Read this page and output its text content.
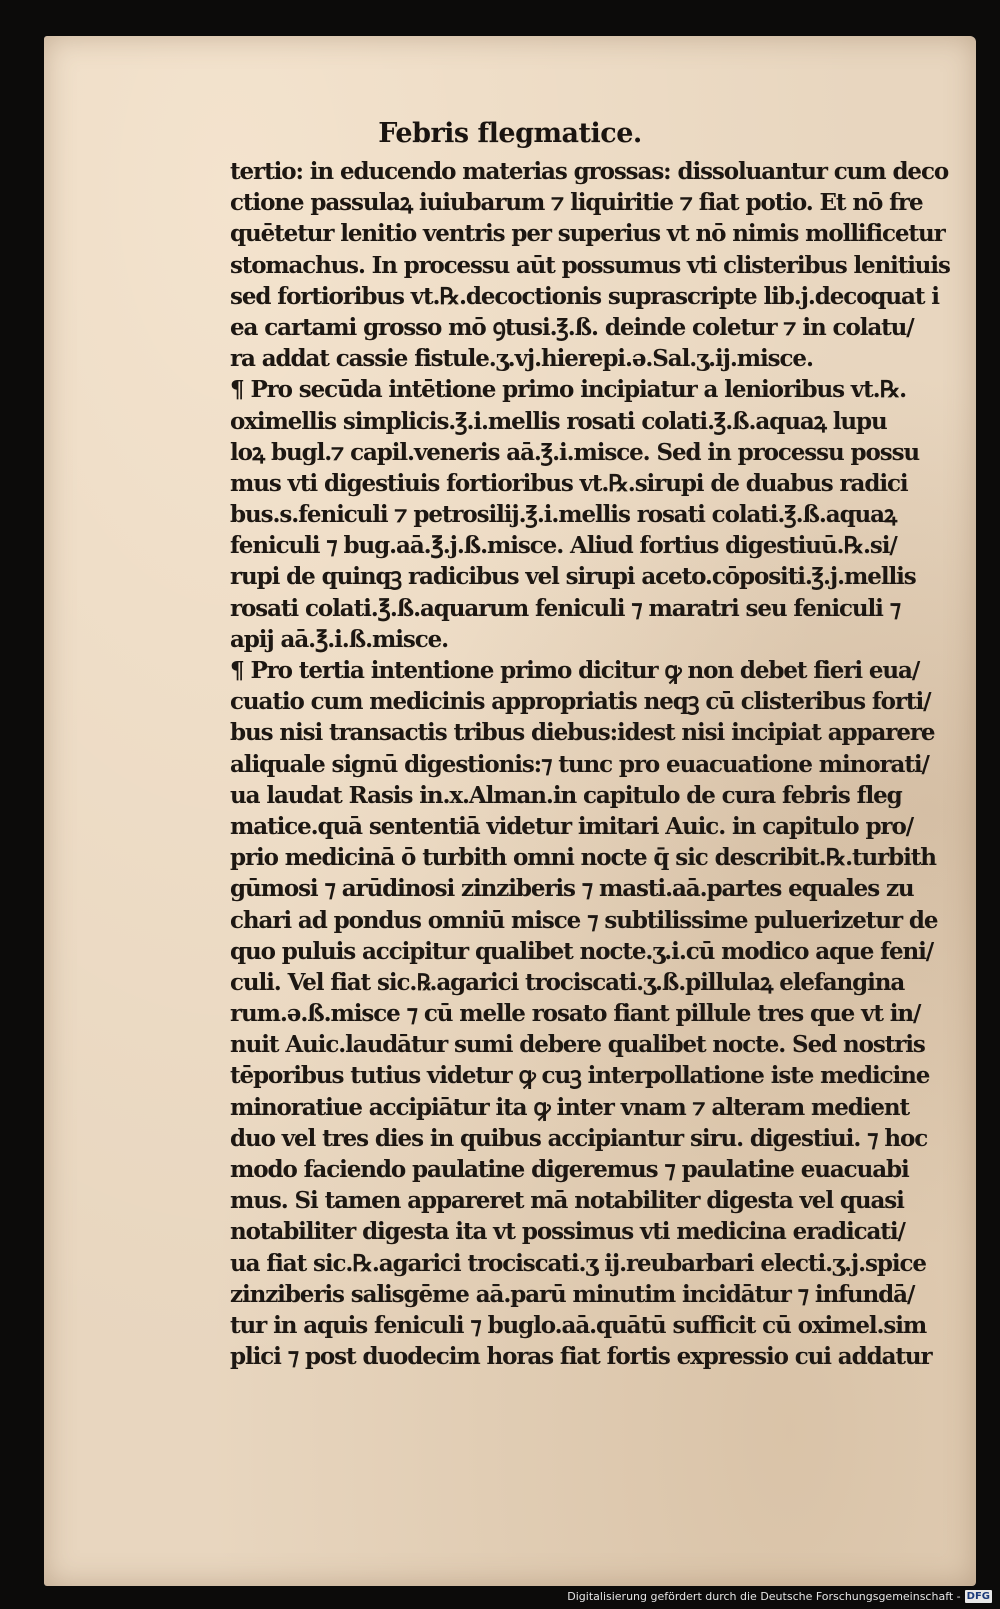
Febris flegmatice.
tertio: in educendo materias grossas: dissoluantur cum deco
ctione passulaꝝ iuiubarum ⁊ liquiritie ⁊ fiat potio. Et nō fre
quētetur lenitio ventris per superius vt nō nimis mollificetur
stomachus. In processu aūt possumus vti clisteribus lenitiuis
sed fortioribus vt.℞.decoctionis suprascripte lib.j.decoquat i
ea cartami grosso mō ꝯtusi.℥.ß. deinde coletur ⁊ in colatu/
ra addat cassie fistule.ʒ.vj.hierepi.ə.Sal.ʒ.ij.misce.
¶ Pro secūda intētione primo incipiatur a lenioribus vt.℞.
oximellis simplicis.℥.i.mellis rosati colati.℥.ß.aquaꝝ lupu
loꝝ bugl.⁊ capil.veneris aā.℥.i.misce. Sed in processu possu
mus vti digestiuis fortioribus vt.℞.sirupi de duabus radici
bus.s.feniculi ⁊ petrosilij.℥.i.mellis rosati colati.℥.ß.aquaꝝ
feniculi ⁊ bug.aā.℥.j.ß.misce. Aliud fortius digestiuū.℞.si/
rupi de quinqꝫ radicibus vel sirupi aceto.cōpositi.℥.j.mellis
rosati colati.℥.ß.aquarum feniculi ⁊ maratri seu feniculi ⁊
apij aā.℥.i.ß.misce.
¶ Pro tertia intentione primo dicitur ꝙ non debet fieri eua/
cuatio cum medicinis appropriatis neqꝫ cū clisteribus forti/
bus nisi transactis tribus diebus:idest nisi incipiat apparere
aliquale signū digestionis:⁊ tunc pro euacuatione minorati/
ua laudat Rasis in.x.Alman.in capitulo de cura febris fleg
matice.quā sententiā videtur imitari Auic. in capitulo pro/
prio medicinā ō turbith omni nocte q̄ sic describit.℞.turbith
gūmosi ⁊ arūdinosi zinziberis ⁊ masti.aā.partes equales zu
chari ad pondus omniū misce ⁊ subtilissime puluerizetur de
quo puluis accipitur qualibet nocte.ʒ.i.cū modico aque feni/
culi. Vel fiat sic.℞.agarici trociscati.ʒ.ß.pillulaꝝ elefangina
rum.ə.ß.misce ⁊ cū melle rosato fiant pillule tres que vt in/
nuit Auic.laudātur sumi debere qualibet nocte. Sed nostris
tēporibus tutius videtur ꝙ cuꝫ interpollatione iste medicine
minoratiue accipiātur ita ꝙ inter vnam ⁊ alteram medient
duo vel tres dies in quibus accipiantur siru. digestiui. ⁊ hoc
modo faciendo paulatine digeremus ⁊ paulatine euacuabi
mus. Si tamen appareret mā notabiliter digesta vel quasi
notabiliter digesta ita vt possimus vti medicina eradicati/
ua fiat sic.℞.agarici trociscati.ʒ ij.reubarbari electi.ʒ.j.spice
zinziberis salisgēme aā.parū minutim incidātur ⁊ infundā/
tur in aquis feniculi ⁊ buglo.aā.quātū sufficit cū oximel.sim
plici ⁊ post duodecim horas fiat fortis expressio cui addatur
Digitalisierung gefördert durch die Deutsche Forschungsgemeinschaft - DFG
